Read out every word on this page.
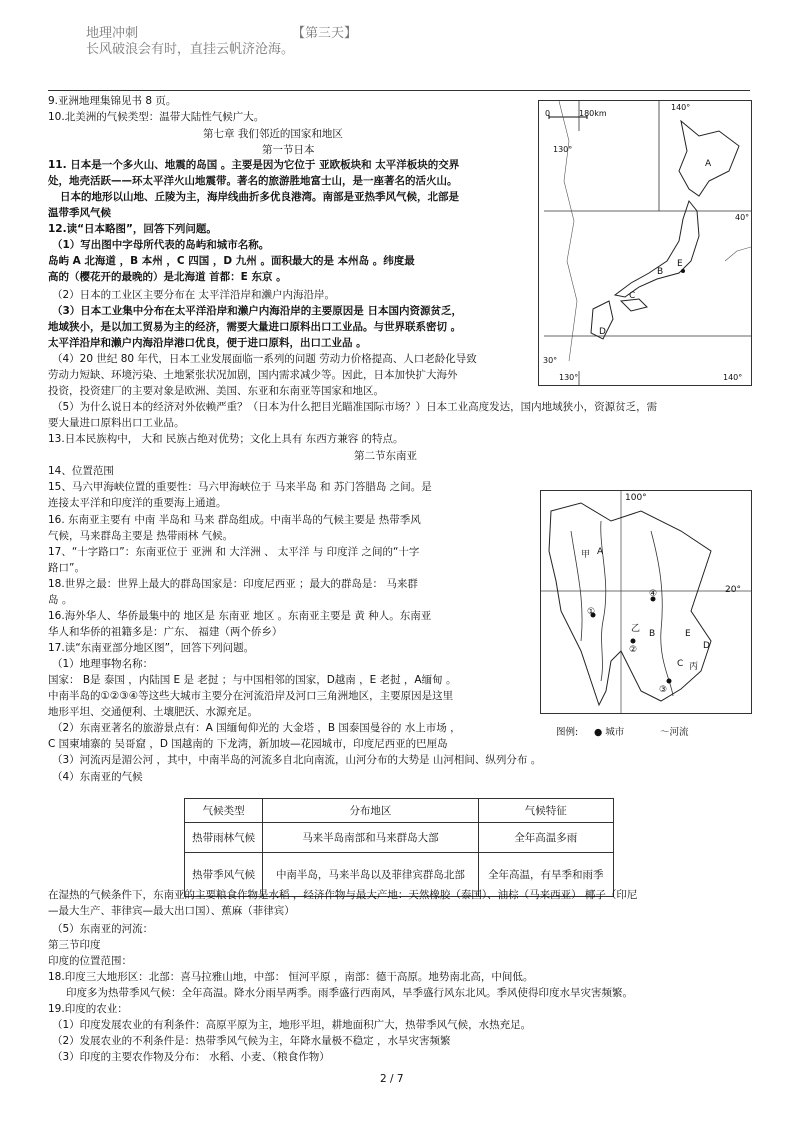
地理冲刺	【第三天】
长风破浪会有时，直挂云帆济沧海。
9.亚洲地理集锦见书 8 页。
10.北美洲的气候类型：温带大陆性气候广大。
第七章 我们邻近的国家和地区
第一节日本
11. 日本是一个多火山、地震的岛国 。主要是因为它位于 亚欧板块和 太平洋板块的交界
处，地壳活跃——环太平洋火山地震带。著名的旅游胜地富士山，是一座著名的活火山。
日本的地形以山地、丘陵为主，海岸线曲折多优良港湾。南部是亚热季风气候，北部是
温带季风气候
12.读“日本略图”，回答下列问题。
（1）写出图中字母所代表的岛屿和城市名称。
岛屿 A 北海道 ，B 本州 ，C 四国 ，D 九州 。面积最大的是 本州岛 。纬度最
高的（樱花开的最晚的）是北海道 首都：E 东京 。
（2）日本的工业区主要分布在 太平洋沿岸和濑户内海沿岸。
（3）日本工业集中分布在太平洋沿岸和濑户内海沿岸的主要原因是 日本国内资源贫乏，
地域狭小，是以加工贸易为主的经济，需要大量进口原料出口工业品。与世界联系密切 。
太平洋沿岸和濑户内海沿岸港口优良，便于进口原料，出口工业品 。
（4）20 世纪 80 年代，日本工业发展面临一系列的问题 劳动力价格提高、人口老龄化导致
劳动力短缺、环境污染、土地紧张状况加剧，国内需求减少等。因此，日本加快扩大海外
投资，投资建厂的主要对象是欧洲、美国、东亚和东南亚等国家和地区。
（5）为什么说日本的经济对外依赖严重？（日本为什么把目光瞄准国际市场？）日本工业高度发达，国内地域狭小，资源贫乏，需
要大量进口原料出口工业品。
13.日本民族构中， 大和 民族占绝对优势；文化上具有 东西方兼容 的特点。
第二节东南亚
14、位置范围
15、马六甲海峡位置的重要性：马六甲海峡位于 马来半岛 和 苏门答腊岛 之间。是
连接太平洋和印度洋的重要海上通道。
16. 东南亚主要有 中南 半岛和 马来 群岛组成。中南半岛的气候主要是 热带季风
气候，马来群岛主要是 热带雨林 气候。
17、“十字路口”：东南亚位于 亚洲 和 大洋洲 、 太平洋 与 印度洋 之间的“十字
路口”。
18.世界之最：世界上最大的群岛国家是：印度尼西亚 ；最大的群岛是： 马来群
岛 。
16.海外华人、华侨最集中的 地区是 东南亚 地区 。东南亚主要是 黄 种人。东南亚
华人和华侨的祖籍多是：广东、 福建（两个侨乡）
17.读“东南亚部分地区图”，回答下列问题。
（1）地理事物名称：
国家： B是 泰国 ，内陆国 E 是 老挝 ；与中国相邻的国家，D越南 ，E 老挝 ，A缅甸 。
中南半岛的①②③④等这些大城市主要分在河流沿岸及河口三角洲地区，主要原因是这里
地形平坦、交通便利、土壤肥沃、水源充足。
（2）东南亚著名的旅游景点有：A 国缅甸仰光的 大金塔 ，B 国泰国曼谷的 水上市场 ，
C 国柬埔寨的 吴哥窟 ，D 国越南的 下龙湾，新加坡—花园城市，印度尼西亚的巴厘岛
（3）河流丙是湄公河 ，其中，中南半岛的河流多自北向南流，山河分布的大势是 山河相间、纵列分布 。
（4）东南亚的气候
气候类型	分布地区	气候特征
热带雨林气候	马来半岛南部和马来群岛大部	全年高温多雨
热带季风气候	中南半岛，马来半岛以及菲律宾群岛北部	全年高温，有旱季和雨季
在湿热的气候条件下，东南亚的主要粮食作物是水稻 ，经济作物与最大产地：天然橡胶（泰国）、油棕（马来西亚） 椰子（印尼
—最大生产、菲律宾—最大出口国）、蕉麻（菲律宾）
（5）东南亚的河流：
第三节印度
印度的位置范围：
18.印度三大地形区：北部：喜马拉雅山地，中部： 恒河平原 ，南部：德干高原。地势南北高，中间低。
印度多为热带季风气候：全年高温。降水分雨旱两季。雨季盛行西南风，旱季盛行风东北风。季风使得印度水旱灾害频繁。
19.印度的农业：
（1）印度发展农业的有利条件：高原平原为主，地形平坦，耕地面积广大，热带季风气候，水热充足。
（2）发展农业的不利条件是：热带季风气候为主，年降水量极不稳定 ，水旱灾害频繁
（3）印度的主要农作物及分布： 水稻、小麦、（粮食作物）
0	180km
140°
130°
40°
30°
130°	140°
A
B
E
C
D
100°
20°
甲 A
乙 B	E
D
C 丙
①
②
③
④
图例: ● 城市	〜河流
2 / 7
